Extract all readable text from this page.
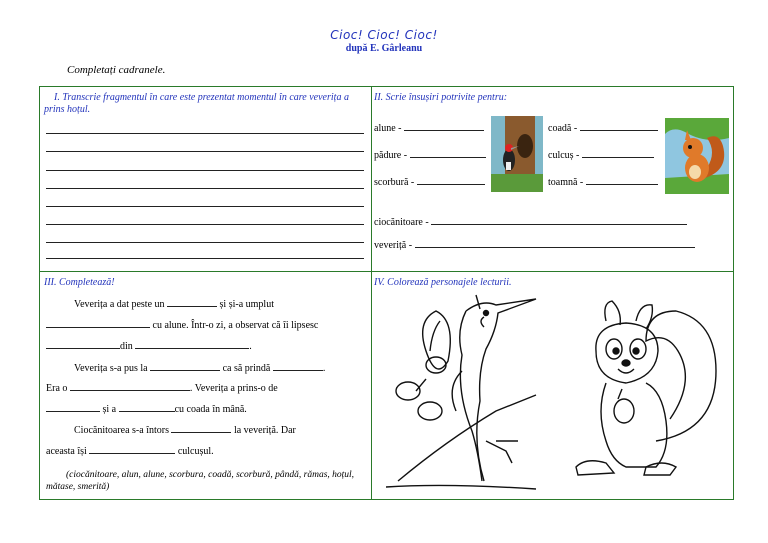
Cioc! Cioc! Cioc!
după E. Gârleanu
Completați cadranele.
I. Transcrie fragmentul în care este prezentat momentul în care veverița a prins hoțul.
II. Scrie însușiri potrivite pentru:
alune -
pădure -
scorbură -
coadă -
culcuș -
toamnă -
ciocănitoare -
veveriță -
III. Completează!
Veverița a dat peste un	și și-a umplut
cu alune. Într-o zi, a observat că îi lipsesc
din	.
Veverița s-a pus la	ca să prindă	.
Era o	. Veverița a prins-o de
și a	cu coada în mână.
Ciocănitoarea s-a întors	la veveriță. Dar
aceasta își	culcușul.
(ciocănitoare, alun, alune, scorbura, coadă, scorbură, pândă, rămas, hoțul, mătase, smerită)
IV. Colorează personajele lecturii.
